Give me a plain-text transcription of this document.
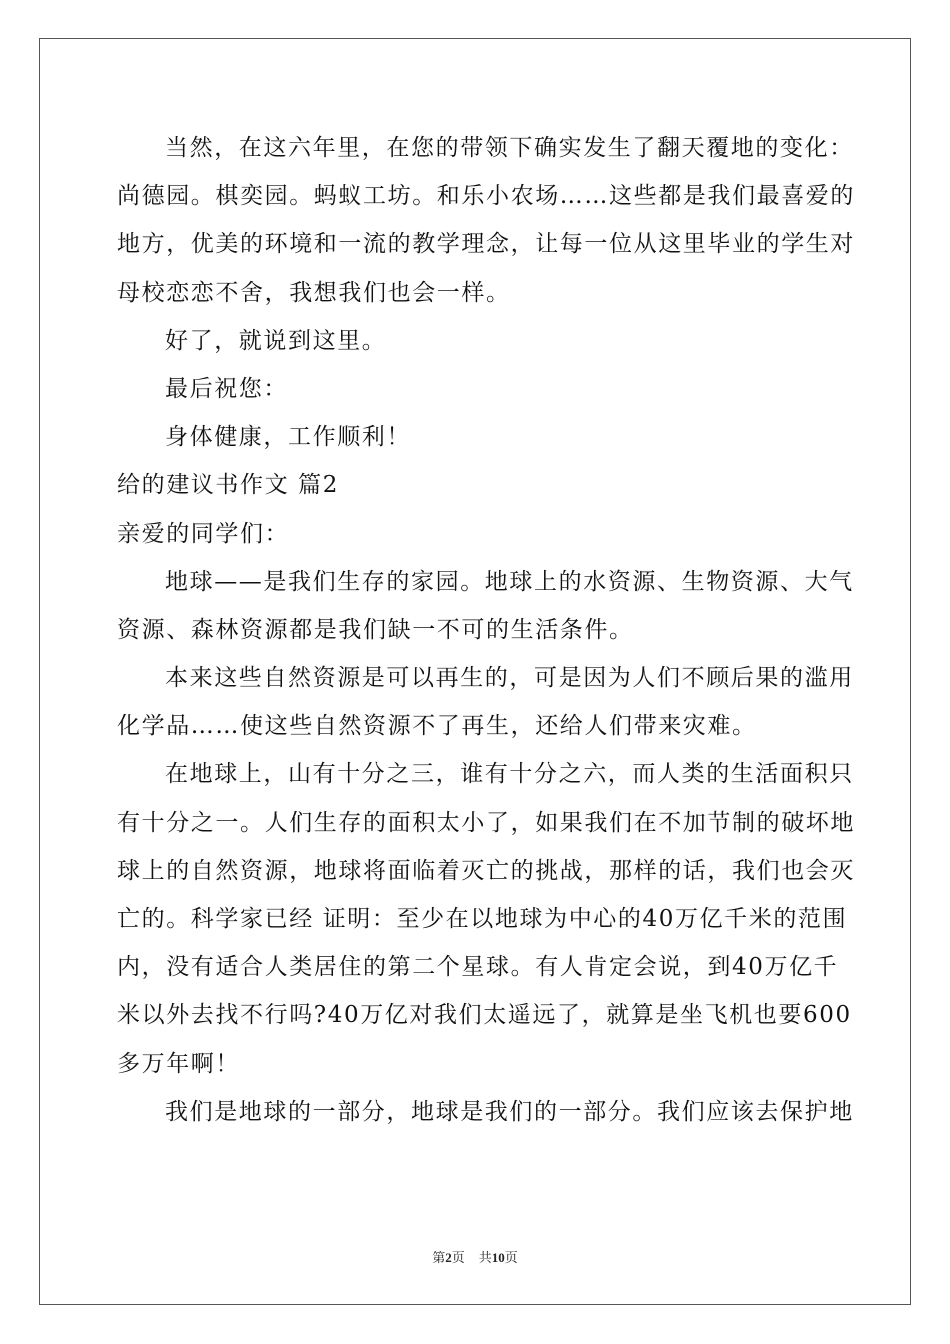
当然，在这六年里，在您的带领下确实发生了翻天覆地的变化：
尚德园。棋奕园。蚂蚁工坊。和乐小农场……这些都是我们最喜爱的
地方，优美的环境和一流的教学理念，让每一位从这里毕业的学生对
母校恋恋不舍，我想我们也会一样。
好了，就说到这里。
最后祝您：
身体健康，工作顺利！
给的建议书作文 篇2
亲爱的同学们：
地球——是我们生存的家园。地球上的水资源、生物资源、大气
资源、森林资源都是我们缺一不可的生活条件。
本来这些自然资源是可以再生的，可是因为人们不顾后果的滥用
化学品……使这些自然资源不了再生，还给人们带来灾难。
在地球上，山有十分之三，谁有十分之六，而人类的生活面积只
有十分之一。人们生存的面积太小了，如果我们在不加节制的破坏地
球上的自然资源，地球将面临着灭亡的挑战，那样的话，我们也会灭
亡的。科学家已经 证明：至少在以地球为中心的40万亿千米的范围
内，没有适合人类居住的第二个星球。有人肯定会说，到40万亿千
米以外去找不行吗?40万亿对我们太遥远了，就算是坐飞机也要600
多万年啊！
我们是地球的一部分，地球是我们的一部分。我们应该去保护地
第2页 共10页
